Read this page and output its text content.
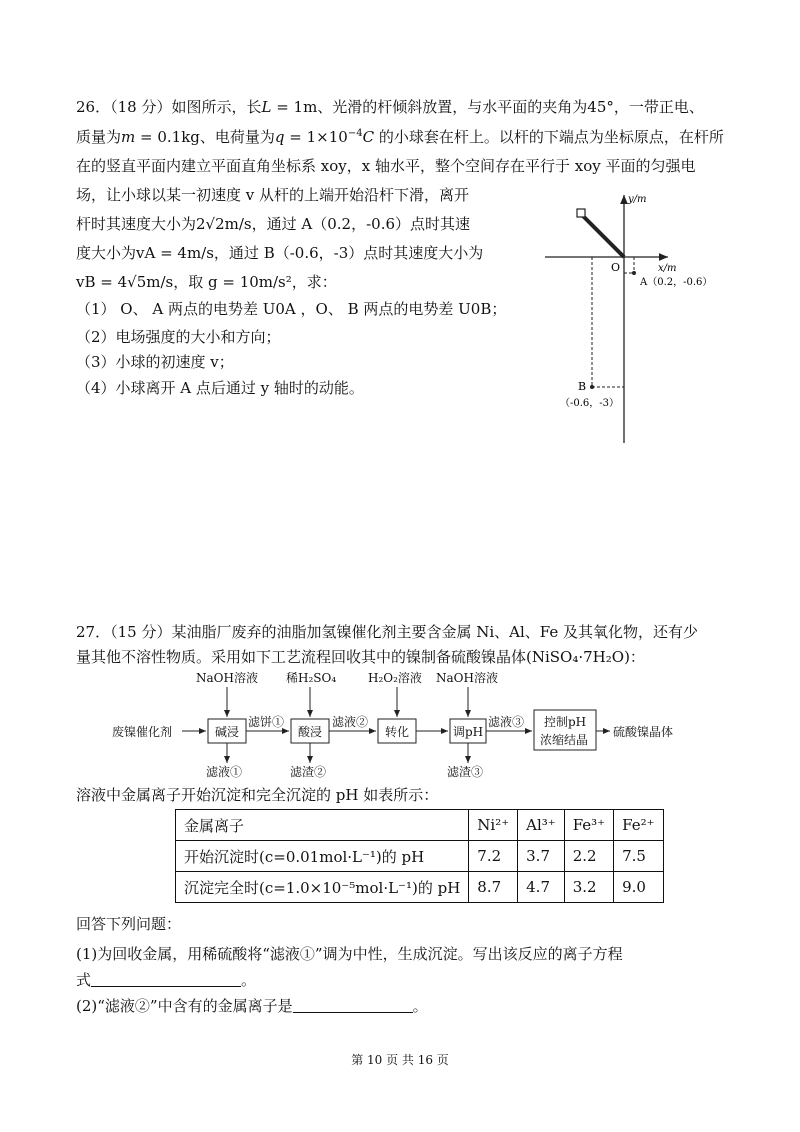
26．（18 分）如图所示，长L = 1m、光滑的杆倾斜放置，与水平面的夹角为45°，一带正电、
质量为m = 0.1kg、电荷量为$q = 1\times 10^{-4}C$ 的小球套在杆上。以杆的下端点为坐标原点，在杆所
在的竖直平面内建立平面直角坐标系 xoy，x 轴水平，整个空间存在平行于 xoy 平面的匀强电
场，让小球以某一初速度 v 从杆的上端开始沿杆下滑，离开
杆时其速度大小为2√2m/s，通过 A（0.2，-0.6）点时其速
度大小为vA = 4m/s，通过 B（-0.6，-3）点时其速度大小为
vB = 4√5m/s，取 g = 10m/s²，求：
（1） O、 A 两点的电势差 U0A ，O、 B 两点的电势差 U0B；
（2）电场强度的大小和方向；
（3）小球的初速度 v；
（4）小球离开 A 点后通过 y 轴时的动能。
y/m
x/m
O
A（0.2，-0.6）
B
（-0.6，-3）
27．（15 分）某油脂厂废弃的油脂加氢镍催化剂主要含金属 Ni、Al、Fe 及其氧化物，还有少
量其他不溶性物质。采用如下工艺流程回收其中的镍制备硫酸镍晶体(NiSO₄·7H₂O)：
NaOH溶液 稀H₂SO₄	H₂O₂溶液 NaOH溶液
废镍催化剂
滤饼①	滤液②	滤液③
硫酸镍晶体
滤液①	滤渣②	滤渣③
碱浸	酸浸	转化	调pH
控制pH
浓缩结晶
溶液中金属离子开始沉淀和完全沉淀的 pH 如表所示：
金属离子	Ni²⁺	Al³⁺	Fe³⁺	Fe²⁺
开始沉淀时(c=0.01mol·L⁻¹)的 pH	7.2	3.7	2.2	7.5
沉淀完全时(c=1.0×10⁻⁵mol·L⁻¹)的 pH	8.7	4.7	3.2	9.0
回答下列问题：
(1)为回收金属，用稀硫酸将“滤液①”调为中性，生成沉淀。写出该反应的离子方程
式	。
(2)“滤液②”中含有的金属离子是	。
第 10 页 共 16 页
